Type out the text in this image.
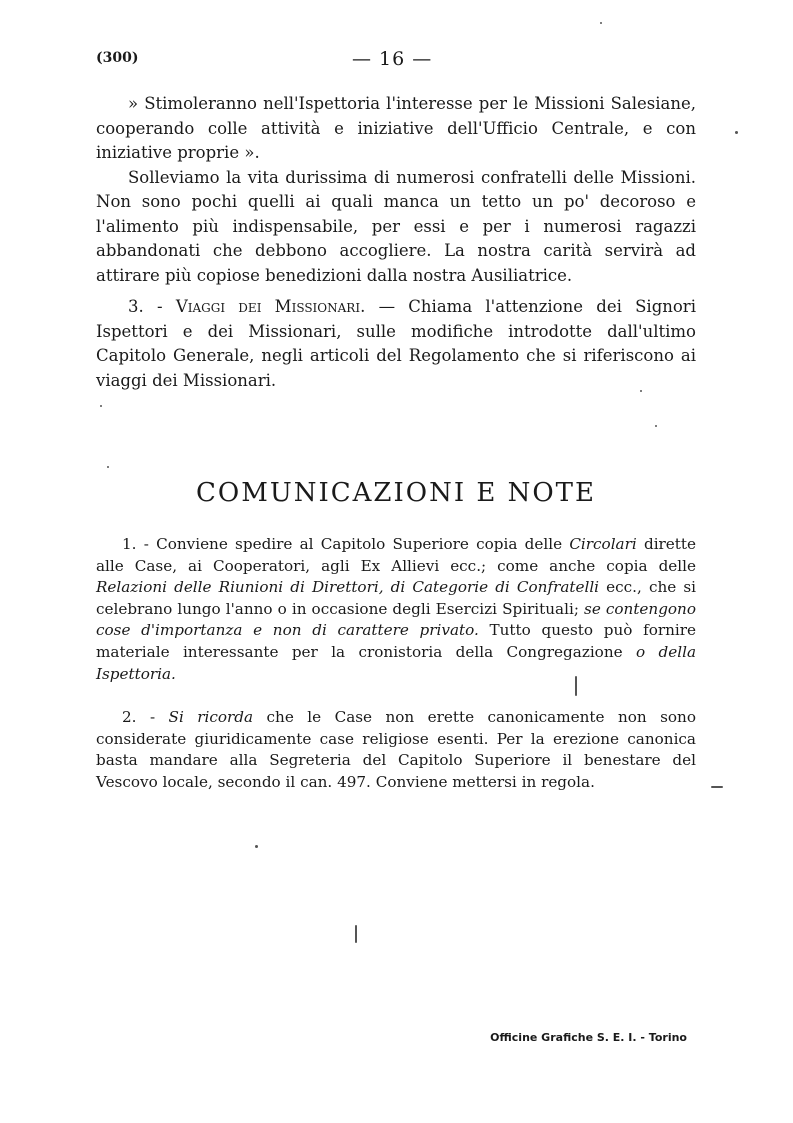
(300)	— 16 —

» Stimoleranno nell'Ispettoria l'interesse per le Missioni Salesiane, cooperando colle attività e iniziative dell'Ufficio Centrale, e con iniziative proprie ».

Solleviamo la vita durissima di numerosi confratelli delle Missioni. Non sono pochi quelli ai quali manca un tetto un po' decoroso e l'alimento più indispensabile, per essi e per i numerosi ragazzi abbandonati che debbono accogliere. La nostra carità servirà ad attirare più copiose benedizioni dalla nostra Ausiliatrice.

3. - Viaggi dei Missionari. — Chiama l'attenzione dei Signori Ispettori e dei Missionari, sulle modifiche introdotte dall'ultimo Capitolo Generale, negli articoli del Regolamento che si riferiscono ai viaggi dei Missionari.

COMUNICAZIONI E NOTE

1. - Conviene spedire al Capitolo Superiore copia delle Circolari dirette alle Case, ai Cooperatori, agli Ex Allievi ecc.; come anche copia delle Relazioni delle Riunioni di Direttori, di Categorie di Confratelli ecc., che si celebrano lungo l'anno o in occasione degli Esercizi Spirituali; se contengono cose d'importanza e non di carattere privato. Tutto questo può fornire materiale interessante per la cronistoria della Congregazione o della Ispettoria.

2. - Si ricorda che le Case non erette canonicamente non sono considerate giuridicamente case religiose esenti. Per la erezione canonica basta mandare alla Segreteria del Capitolo Superiore il benestare del Vescovo locale, secondo il can. 497. Conviene mettersi in regola.

Officine Grafiche S. E. I. - Torino
